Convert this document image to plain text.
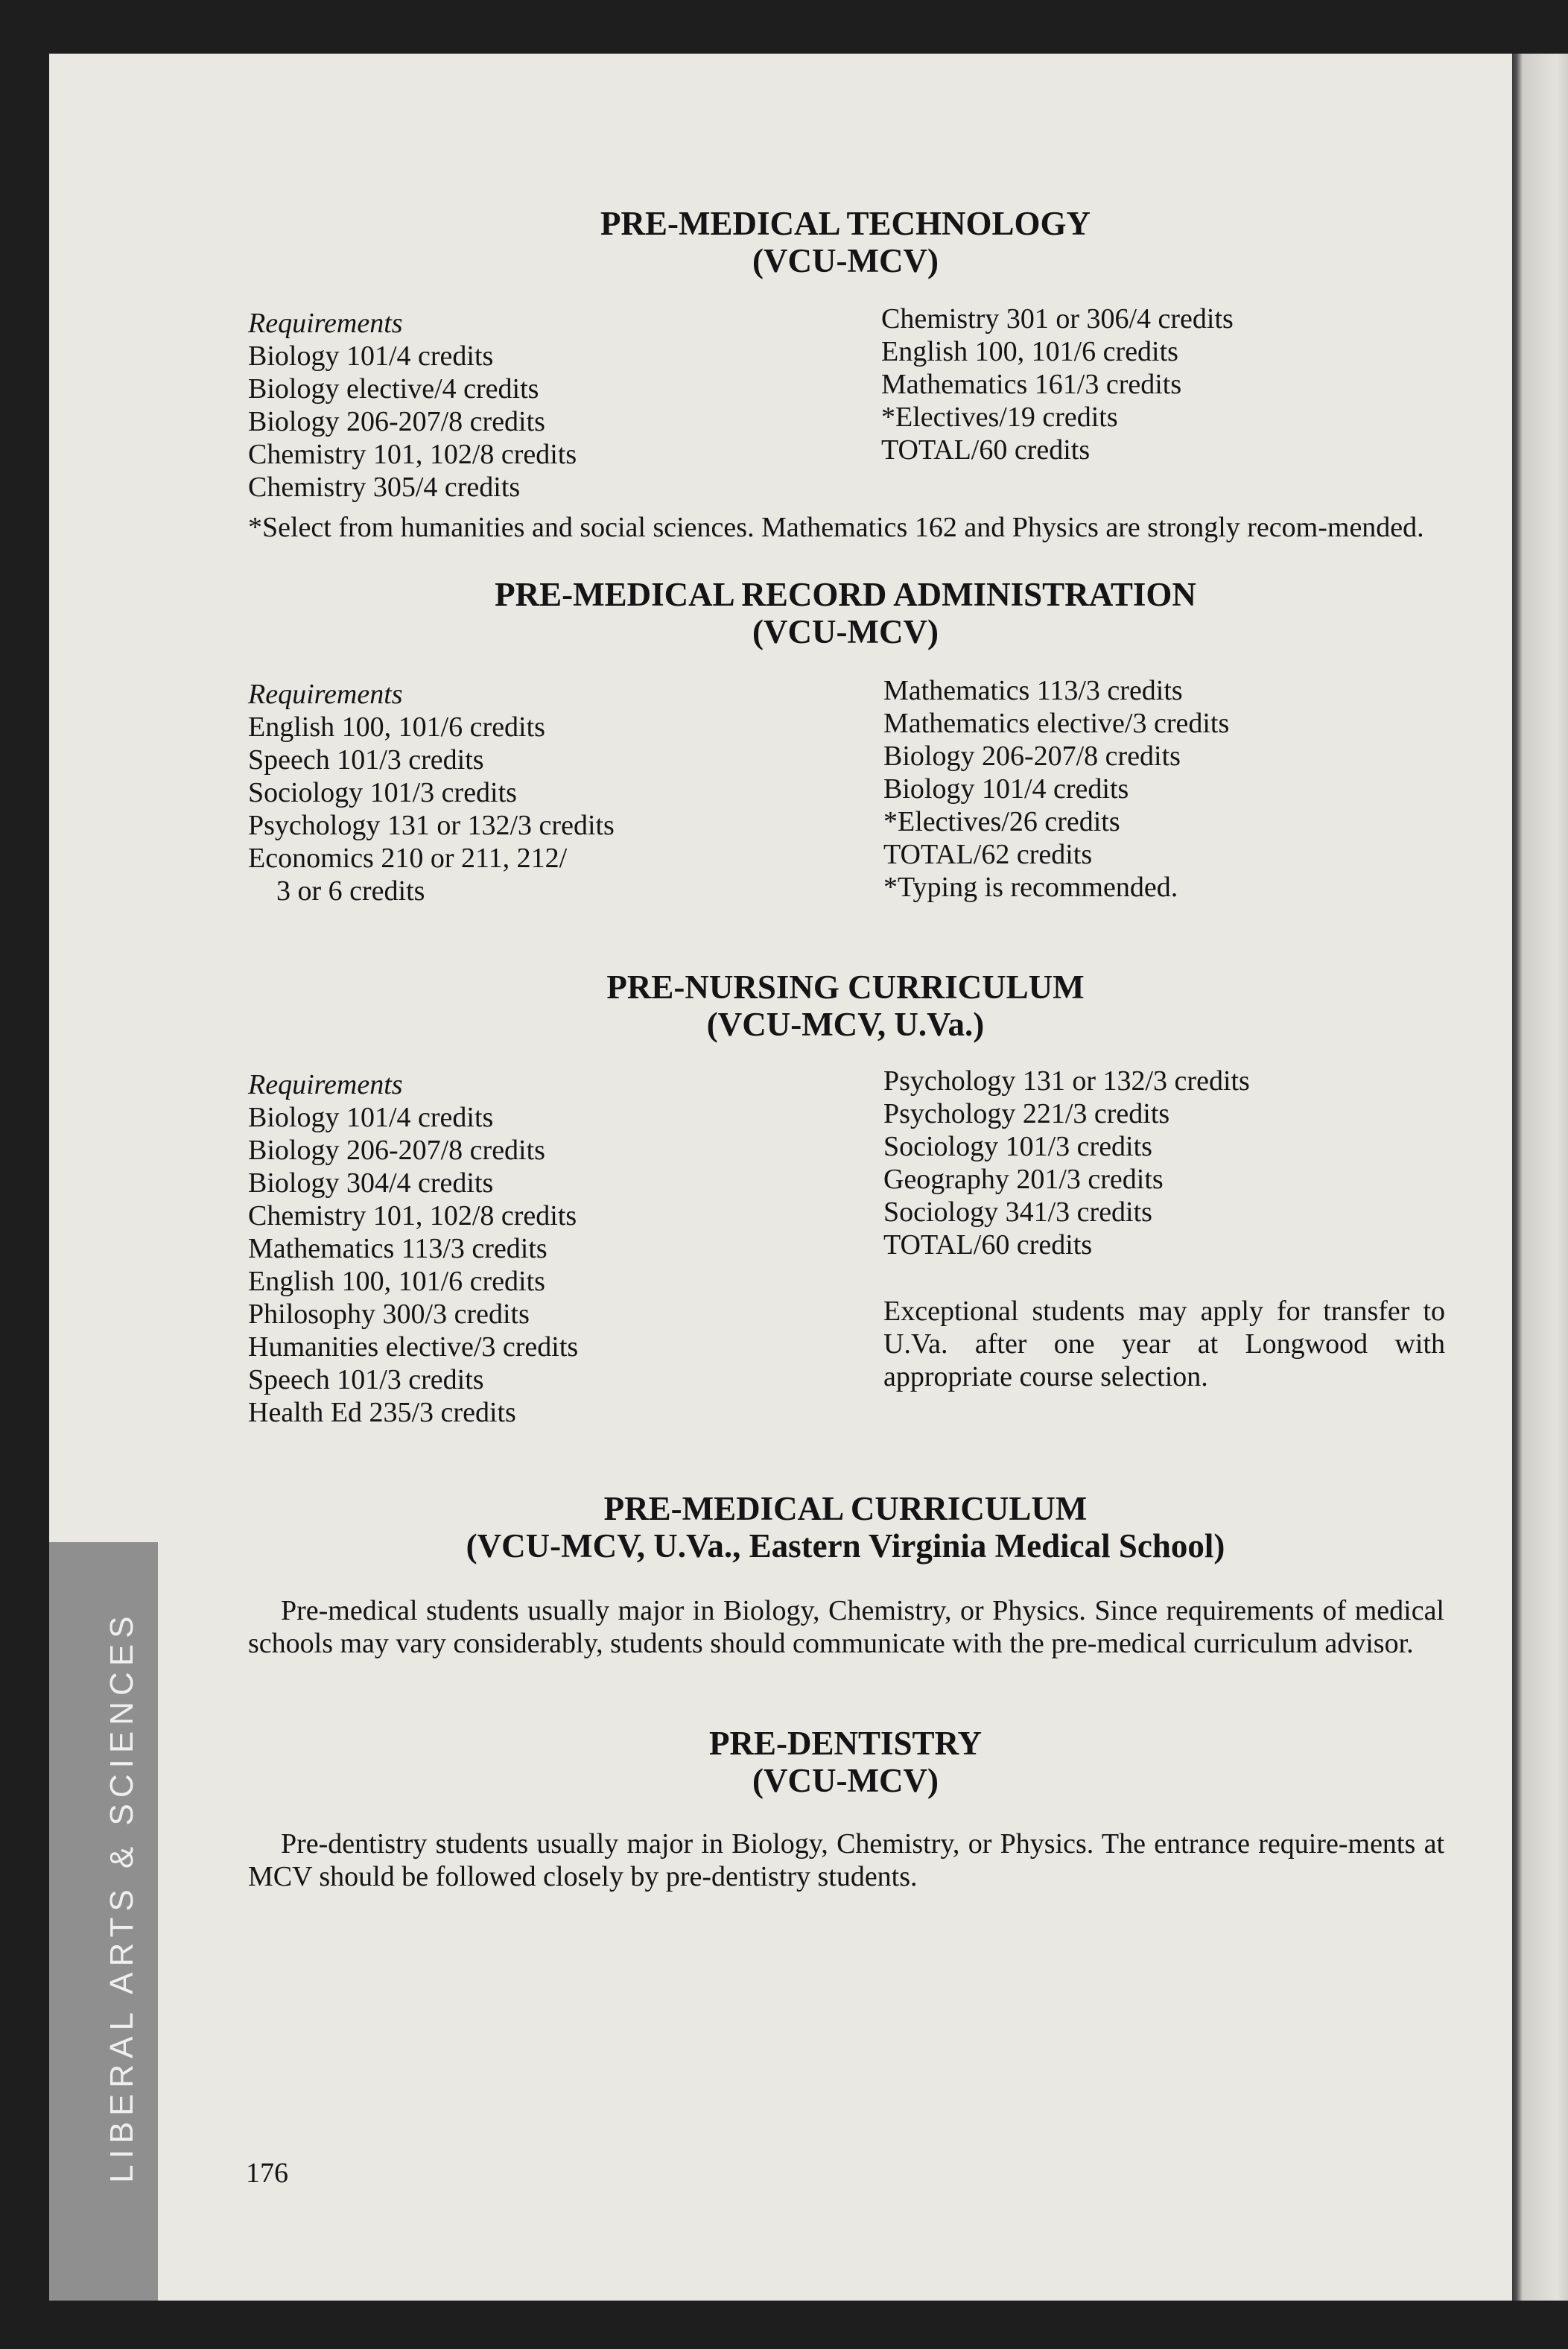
LIBERAL ARTS & SCIENCES
PRE-MEDICAL TECHNOLOGY
(VCU-MCV)
Requirements
Biology 101/4 credits
Biology elective/4 credits
Biology 206-207/8 credits
Chemistry 101, 102/8 credits
Chemistry 305/4 credits
Chemistry 301 or 306/4 credits
English 100, 101/6 credits
Mathematics 161/3 credits
*Electives/19 credits
TOTAL/60 credits
*Select from humanities and social sciences. Mathematics 162 and Physics are strongly recom-mended.
PRE-MEDICAL RECORD ADMINISTRATION
(VCU-MCV)
Requirements
English 100, 101/6 credits
Speech 101/3 credits
Sociology 101/3 credits
Psychology 131 or 132/3 credits
Economics 210 or 211, 212/
3 or 6 credits
Mathematics 113/3 credits
Mathematics elective/3 credits
Biology 206-207/8 credits
Biology 101/4 credits
*Electives/26 credits
TOTAL/62 credits
*Typing is recommended.
PRE-NURSING CURRICULUM
(VCU-MCV, U.Va.)
Requirements
Biology 101/4 credits
Biology 206-207/8 credits
Biology 304/4 credits
Chemistry 101, 102/8 credits
Mathematics 113/3 credits
English 100, 101/6 credits
Philosophy 300/3 credits
Humanities elective/3 credits
Speech 101/3 credits
Health Ed 235/3 credits
Psychology 131 or 132/3 credits
Psychology 221/3 credits
Sociology 101/3 credits
Geography 201/3 credits
Sociology 341/3 credits
TOTAL/60 credits
Exceptional students may apply for transfer to U.Va. after one year at Longwood with appropriate course selection.
PRE-MEDICAL CURRICULUM
(VCU-MCV, U.Va., Eastern Virginia Medical School)
Pre-medical students usually major in Biology, Chemistry, or Physics. Since requirements of medical schools may vary considerably, students should communicate with the pre-medical curriculum advisor.
PRE-DENTISTRY
(VCU-MCV)
Pre-dentistry students usually major in Biology, Chemistry, or Physics. The entrance require-ments at MCV should be followed closely by pre-dentistry students.
176
